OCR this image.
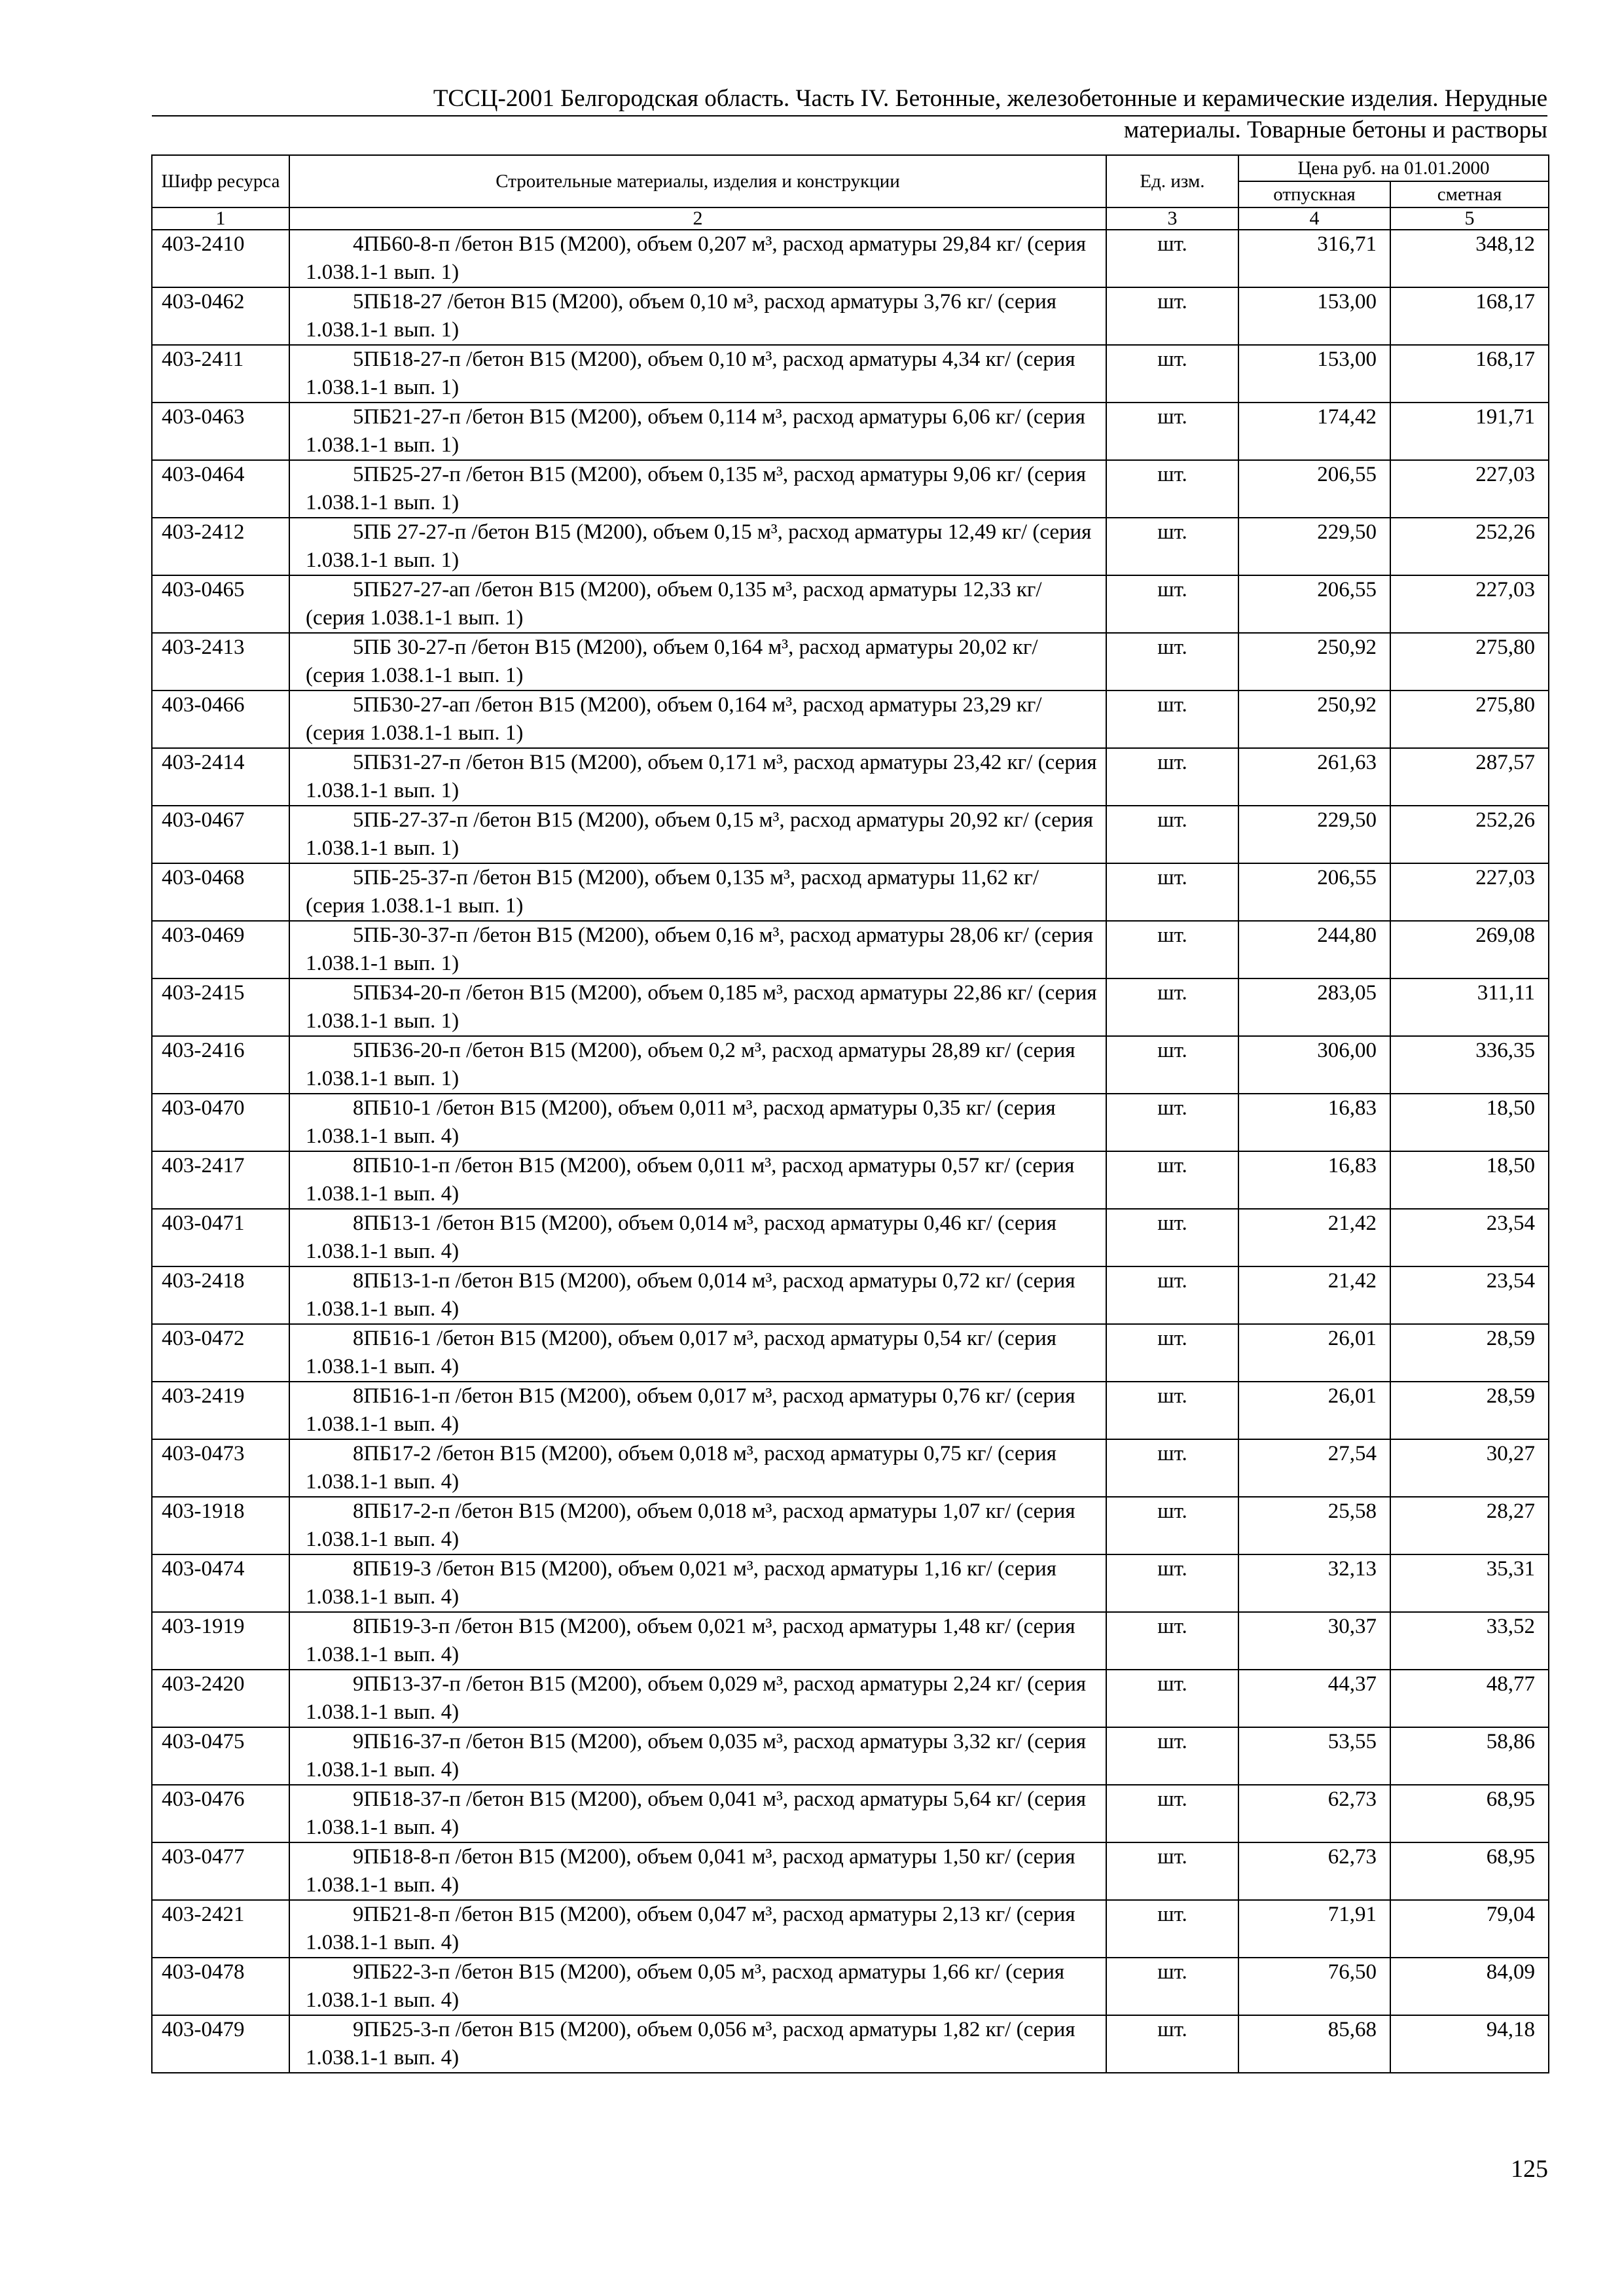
ТССЦ-2001 Белгородская область. Часть IV. Бетонные, железобетонные и керамические изделия. Нерудные
материалы. Товарные бетоны и растворы
Шифр ресурса	Строительные материалы, изделия и конструкции	Ед. изм.	Цена руб. на 01.01.2000	
			отпускная	сметная
1	2	3	4	5
403-2410	4ПБ60-8-п /бетон В15 (М200), объем 0,207 м³, расход арматуры 29,84 кг/ (серия 1.038.1-1 вып. 1)	шт.	316,71	348,12
403-0462	5ПБ18-27 /бетон В15 (М200), объем 0,10 м³, расход арматуры 3,76 кг/ (серия 1.038.1-1 вып. 1)	шт.	153,00	168,17
403-2411	5ПБ18-27-п /бетон В15 (М200), объем 0,10 м³, расход арматуры 4,34 кг/ (серия 1.038.1-1 вып. 1)	шт.	153,00	168,17
403-0463	5ПБ21-27-п /бетон В15 (М200), объем 0,114 м³, расход арматуры 6,06 кг/ (серия 1.038.1-1 вып. 1)	шт.	174,42	191,71
403-0464	5ПБ25-27-п /бетон В15 (М200), объем 0,135 м³, расход арматуры 9,06 кг/ (серия 1.038.1-1 вып. 1)	шт.	206,55	227,03
403-2412	5ПБ 27-27-п /бетон В15 (М200), объем 0,15 м³, расход арматуры 12,49 кг/ (серия 1.038.1-1 вып. 1)	шт.	229,50	252,26
403-0465	5ПБ27-27-ап /бетон В15 (М200), объем 0,135 м³, расход арматуры 12,33 кг/ (серия 1.038.1-1 вып. 1)	шт.	206,55	227,03
403-2413	5ПБ 30-27-п /бетон В15 (М200), объем 0,164 м³, расход арматуры 20,02 кг/ (серия 1.038.1-1 вып. 1)	шт.	250,92	275,80
403-0466	5ПБ30-27-ап /бетон В15 (М200), объем 0,164 м³, расход арматуры 23,29 кг/ (серия 1.038.1-1 вып. 1)	шт.	250,92	275,80
403-2414	5ПБ31-27-п /бетон В15 (М200), объем 0,171 м³, расход арматуры 23,42 кг/ (серия 1.038.1-1 вып. 1)	шт.	261,63	287,57
403-0467	5ПБ-27-37-п /бетон В15 (М200), объем 0,15 м³, расход арматуры 20,92 кг/ (серия 1.038.1-1 вып. 1)	шт.	229,50	252,26
403-0468	5ПБ-25-37-п /бетон В15 (М200), объем 0,135 м³, расход арматуры 11,62 кг/ (серия 1.038.1-1 вып. 1)	шт.	206,55	227,03
403-0469	5ПБ-30-37-п /бетон В15 (М200), объем 0,16 м³, расход арматуры 28,06 кг/ (серия 1.038.1-1 вып. 1)	шт.	244,80	269,08
403-2415	5ПБ34-20-п /бетон В15 (М200), объем 0,185 м³, расход арматуры 22,86 кг/ (серия 1.038.1-1 вып. 1)	шт.	283,05	311,11
403-2416	5ПБ36-20-п /бетон В15 (М200), объем 0,2 м³, расход арматуры 28,89 кг/ (серия 1.038.1-1 вып. 1)	шт.	306,00	336,35
403-0470	8ПБ10-1 /бетон В15 (М200), объем 0,011 м³, расход арматуры 0,35 кг/ (серия 1.038.1-1 вып. 4)	шт.	16,83	18,50
403-2417	8ПБ10-1-п /бетон В15 (М200), объем 0,011 м³, расход арматуры 0,57 кг/ (серия 1.038.1-1 вып. 4)	шт.	16,83	18,50
403-0471	8ПБ13-1 /бетон В15 (М200), объем 0,014 м³, расход арматуры 0,46 кг/ (серия 1.038.1-1 вып. 4)	шт.	21,42	23,54
403-2418	8ПБ13-1-п /бетон В15 (М200), объем 0,014 м³, расход арматуры 0,72 кг/ (серия 1.038.1-1 вып. 4)	шт.	21,42	23,54
403-0472	8ПБ16-1 /бетон В15 (М200), объем 0,017 м³, расход арматуры 0,54 кг/ (серия 1.038.1-1 вып. 4)	шт.	26,01	28,59
403-2419	8ПБ16-1-п /бетон В15 (М200), объем 0,017 м³, расход арматуры 0,76 кг/ (серия 1.038.1-1 вып. 4)	шт.	26,01	28,59
403-0473	8ПБ17-2 /бетон В15 (М200), объем 0,018 м³, расход арматуры 0,75 кг/ (серия 1.038.1-1 вып. 4)	шт.	27,54	30,27
403-1918	8ПБ17-2-п /бетон В15 (М200), объем 0,018 м³, расход арматуры 1,07 кг/ (серия 1.038.1-1 вып. 4)	шт.	25,58	28,27
403-0474	8ПБ19-3 /бетон В15 (М200), объем 0,021 м³, расход арматуры 1,16 кг/ (серия 1.038.1-1 вып. 4)	шт.	32,13	35,31
403-1919	8ПБ19-3-п /бетон В15 (М200), объем 0,021 м³, расход арматуры 1,48 кг/ (серия 1.038.1-1 вып. 4)	шт.	30,37	33,52
403-2420	9ПБ13-37-п /бетон В15 (М200), объем 0,029 м³, расход арматуры 2,24 кг/ (серия 1.038.1-1 вып. 4)	шт.	44,37	48,77
403-0475	9ПБ16-37-п /бетон В15 (М200), объем 0,035 м³, расход арматуры 3,32 кг/ (серия 1.038.1-1 вып. 4)	шт.	53,55	58,86
403-0476	9ПБ18-37-п /бетон В15 (М200), объем 0,041 м³, расход арматуры 5,64 кг/ (серия 1.038.1-1 вып. 4)	шт.	62,73	68,95
403-0477	9ПБ18-8-п /бетон В15 (М200), объем 0,041 м³, расход арматуры 1,50 кг/ (серия 1.038.1-1 вып. 4)	шт.	62,73	68,95
403-2421	9ПБ21-8-п /бетон В15 (М200), объем 0,047 м³, расход арматуры 2,13 кг/ (серия 1.038.1-1 вып. 4)	шт.	71,91	79,04
403-0478	9ПБ22-3-п /бетон В15 (М200), объем 0,05 м³, расход арматуры 1,66 кг/ (серия 1.038.1-1 вып. 4)	шт.	76,50	84,09
403-0479	9ПБ25-3-п /бетон В15 (М200), объем 0,056 м³, расход арматуры 1,82 кг/ (серия 1.038.1-1 вып. 4)	шт.	85,68	94,18
125
